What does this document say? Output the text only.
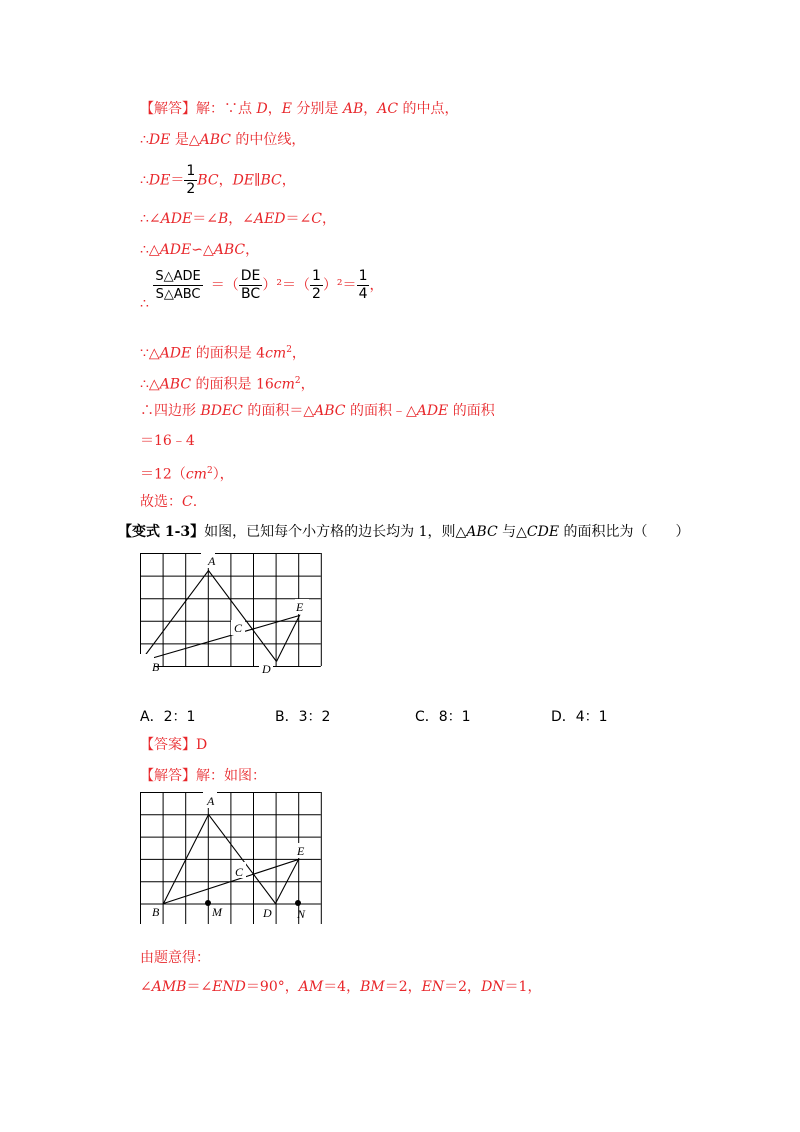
【解答】解：∵点 D，E 分别是 AB，AC 的中点，
∴DE 是△ABC 的中位线，
∴DE＝ $\frac{1}{2}$ BC，DE∥BC，
∴∠ADE＝∠B，∠AED＝∠C，
∴△ADE∽△ABC，
∴
$\frac{\text{S△ADE}}{\text{S△ABC}}$ ＝（ $\frac{DE}{BC} )^2=( \frac{1}{2} )^2= \frac{1}{4}$ ，
∵△ADE 的面积是 $4cm^2$，
∴△ABC 的面积是 $16cm^2$，
∴四边形 BDEC 的面积＝△ABC 的面积﹣△ADE 的面积
＝16﹣4
$=12(cm^2)$，
故选：C.
【变式 1-3】如图，已知每个小方格的边长均为 1，则△ABC 与△CDE 的面积比为（　　）
A
B
C
D
E
A．2：1	B．3：2	C．8：1	D．4：1
【答案】D
【解答】解：如图：
A
B
C
D
E
M	N
由题意得：
∠AMB＝∠END＝90°，AM＝4，BM＝2，EN＝2，DN＝1，
